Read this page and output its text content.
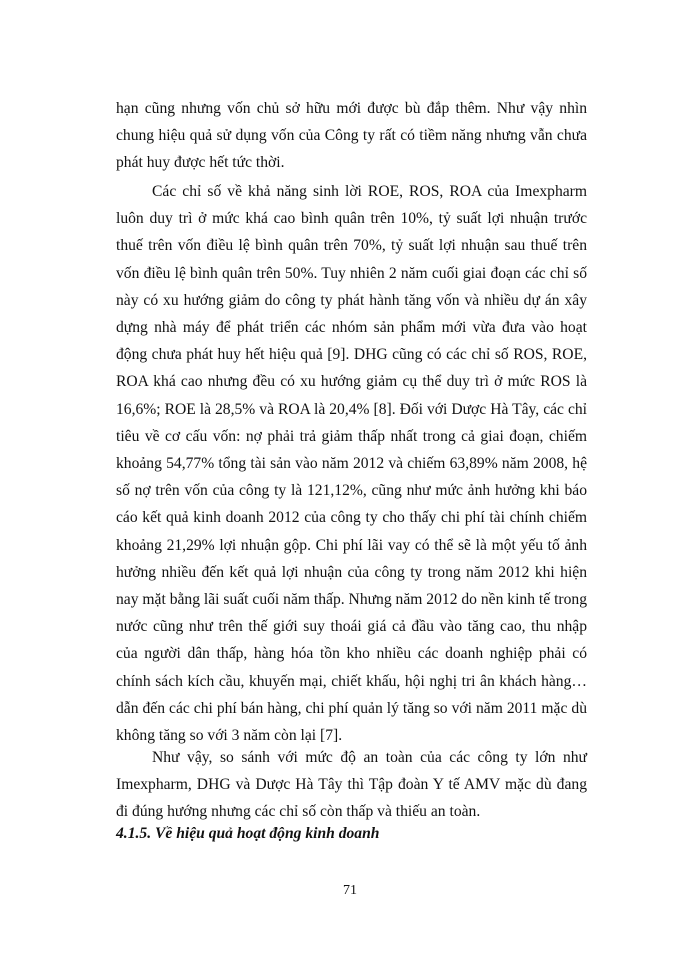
hạn cũng nhưng vốn chủ sở hữu mới được bù đắp thêm. Như vậy nhìn chung hiệu quả sử dụng vốn của Công ty rất có tiềm năng nhưng vẫn chưa phát huy được hết tức thời.

Các chỉ số về khả năng sinh lời ROE, ROS, ROA của Imexpharm luôn duy trì ở mức khá cao bình quân trên 10%, tỷ suất lợi nhuận trước thuế trên vốn điều lệ bình quân trên 70%, tỷ suất lợi nhuận sau thuế trên vốn điều lệ bình quân trên 50%. Tuy nhiên 2 năm cuối giai đoạn các chỉ số này có xu hướng giảm do công ty phát hành tăng vốn và nhiều dự án xây dựng nhà máy để phát triển các nhóm sản phẩm mới vừa đưa vào hoạt động chưa phát huy hết hiệu quả [9]. DHG cũng có các chỉ số ROS, ROE, ROA khá cao nhưng đều có xu hướng giảm cụ thể duy trì ở mức ROS là 16,6%; ROE là 28,5% và ROA là 20,4% [8]. Đối với Dược Hà Tây, các chỉ tiêu về cơ cấu vốn: nợ phải trả giảm thấp nhất trong cả giai đoạn, chiếm khoảng 54,77% tổng tài sản vào năm 2012 và chiếm 63,89% năm 2008, hệ số nợ trên vốn của công ty là 121,12%, cũng như mức ảnh hưởng khi báo cáo kết quả kinh doanh 2012 của công ty cho thấy chi phí tài chính chiếm khoảng 21,29% lợi nhuận gộp. Chi phí lãi vay có thể sẽ là một yếu tố ảnh hưởng nhiều đến kết quả lợi nhuận của công ty trong năm 2012 khi hiện nay mặt bằng lãi suất cuối năm thấp. Nhưng năm 2012 do nền kinh tế trong nước cũng như trên thế giới suy thoái giá cả đầu vào tăng cao, thu nhập của người dân thấp, hàng hóa tồn kho nhiều các doanh nghiệp phải có chính sách kích cầu, khuyến mại, chiết khấu, hội nghị tri ân khách hàng… dẫn đến các chi phí bán hàng, chi phí quản lý tăng so với năm 2011 mặc dù không tăng so với 3 năm còn lại [7].

Như vậy, so sánh với mức độ an toàn của các công ty lớn như Imexpharm, DHG và Dược Hà Tây thì Tập đoàn Y tế AMV mặc dù đang đi đúng hướng nhưng các chỉ số còn thấp và thiếu an toàn.

4.1.5. Về hiệu quả hoạt động kinh doanh
71
